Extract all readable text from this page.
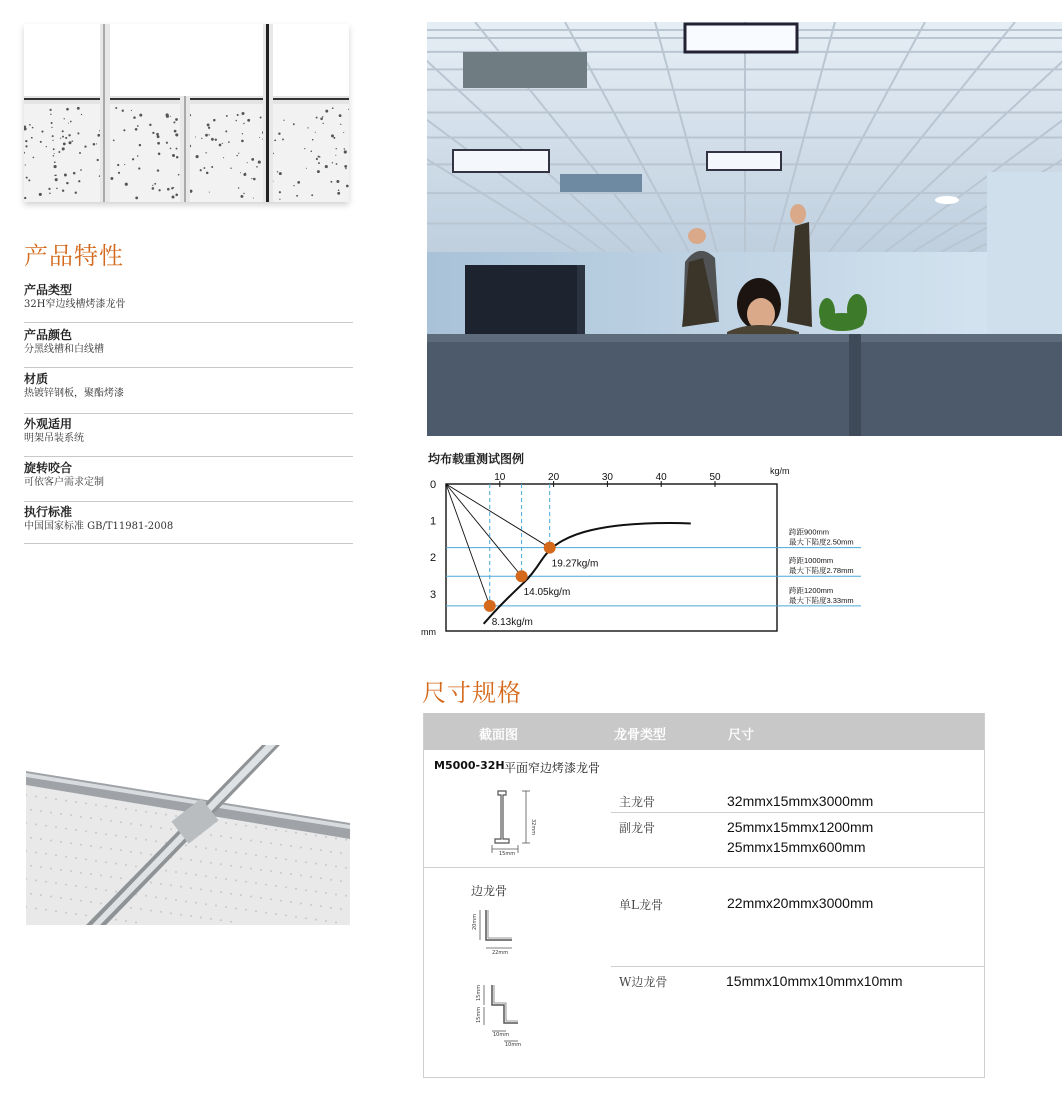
产品特性
产品类型
32H窄边线槽烤漆龙骨
产品颜色
分黑线槽和白线槽
材质
热镀锌钢板，聚酯烤漆
外观适用
明架吊装系统
旋转咬合
可依客户需求定制
执行标准
中国国家标准 GB/T11981-2008
均布载重测试图例
10	20	30	40	50
0
1
2
3
kg/m
mm
跨距900mm
最大下陷度2.50mm
跨距1000mm
最大下陷度2.78mm
跨距1200mm
最大下陷度3.33mm
19.27kg/m
14.05kg/m
8.13kg/m
尺寸规格
截面图	龙骨类型	尺寸
M5000-32H 平面窄边烤漆龙骨
主龙骨	32mmx15mmx3000mm
副龙骨	25mmx15mmx1200mm
25mmx15mmx600mm
边龙骨
单L龙骨	22mmx20mmx3000mm
W边龙骨	15mmx10mmx10mmx10mm
32mm
15mm
20mm
22mm
15mm
15mm
10mm
10mm
